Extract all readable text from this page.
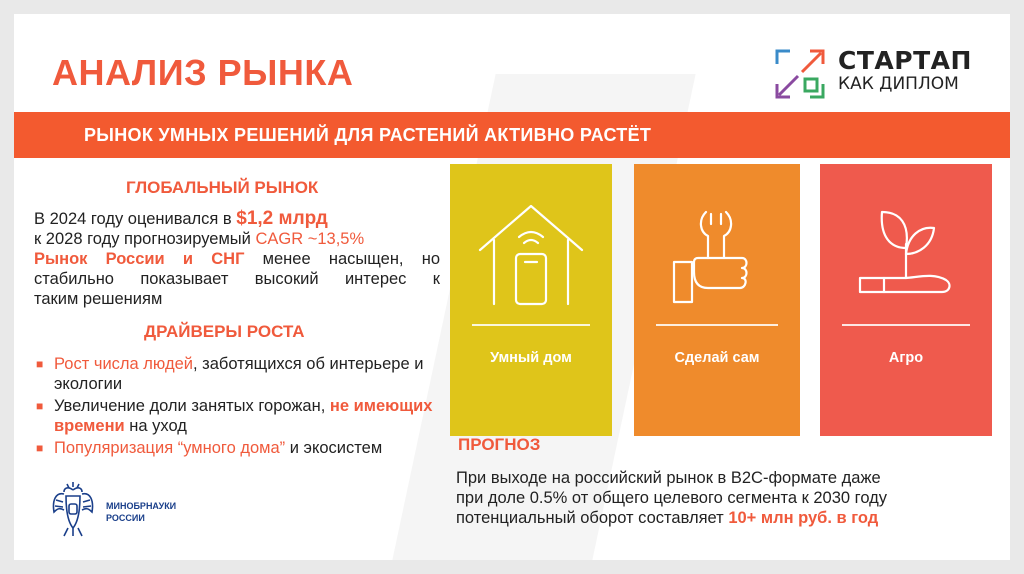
АНАЛИЗ РЫНКА	СТАРТАП
КАК ДИПЛОМ
РЫНОК УМНЫХ РЕШЕНИЙ ДЛЯ РАСТЕНИЙ АКТИВНО РАСТЁТ
ГЛОБАЛЬНЫЙ РЫНОК
В 2024 году оценивался в $1,2 млрд
к 2028 году прогнозируемый CAGR ~13,5%
Рынок России и СНГ менее насыщен, но
стабильно показывает высокий интерес к
таким решениям
ДРАЙВЕРЫ РОСТА
■ Рост числа людей, заботящихся об интерьере и экологии
■ Увеличение доли занятых горожан, не имеющих времени на уход
■ Популяризация “умного дома” и экосистем
МИНОБРНАУКИ
РОССИИ
Умный дом	Сделай сам	Агро
ПРОГНОЗ
При выходе на российский рынок в B2C-формате даже
при доле 0.5% от общего целевого сегмента к 2030 году
потенциальный оборот составляет 10+ млн руб. в год
